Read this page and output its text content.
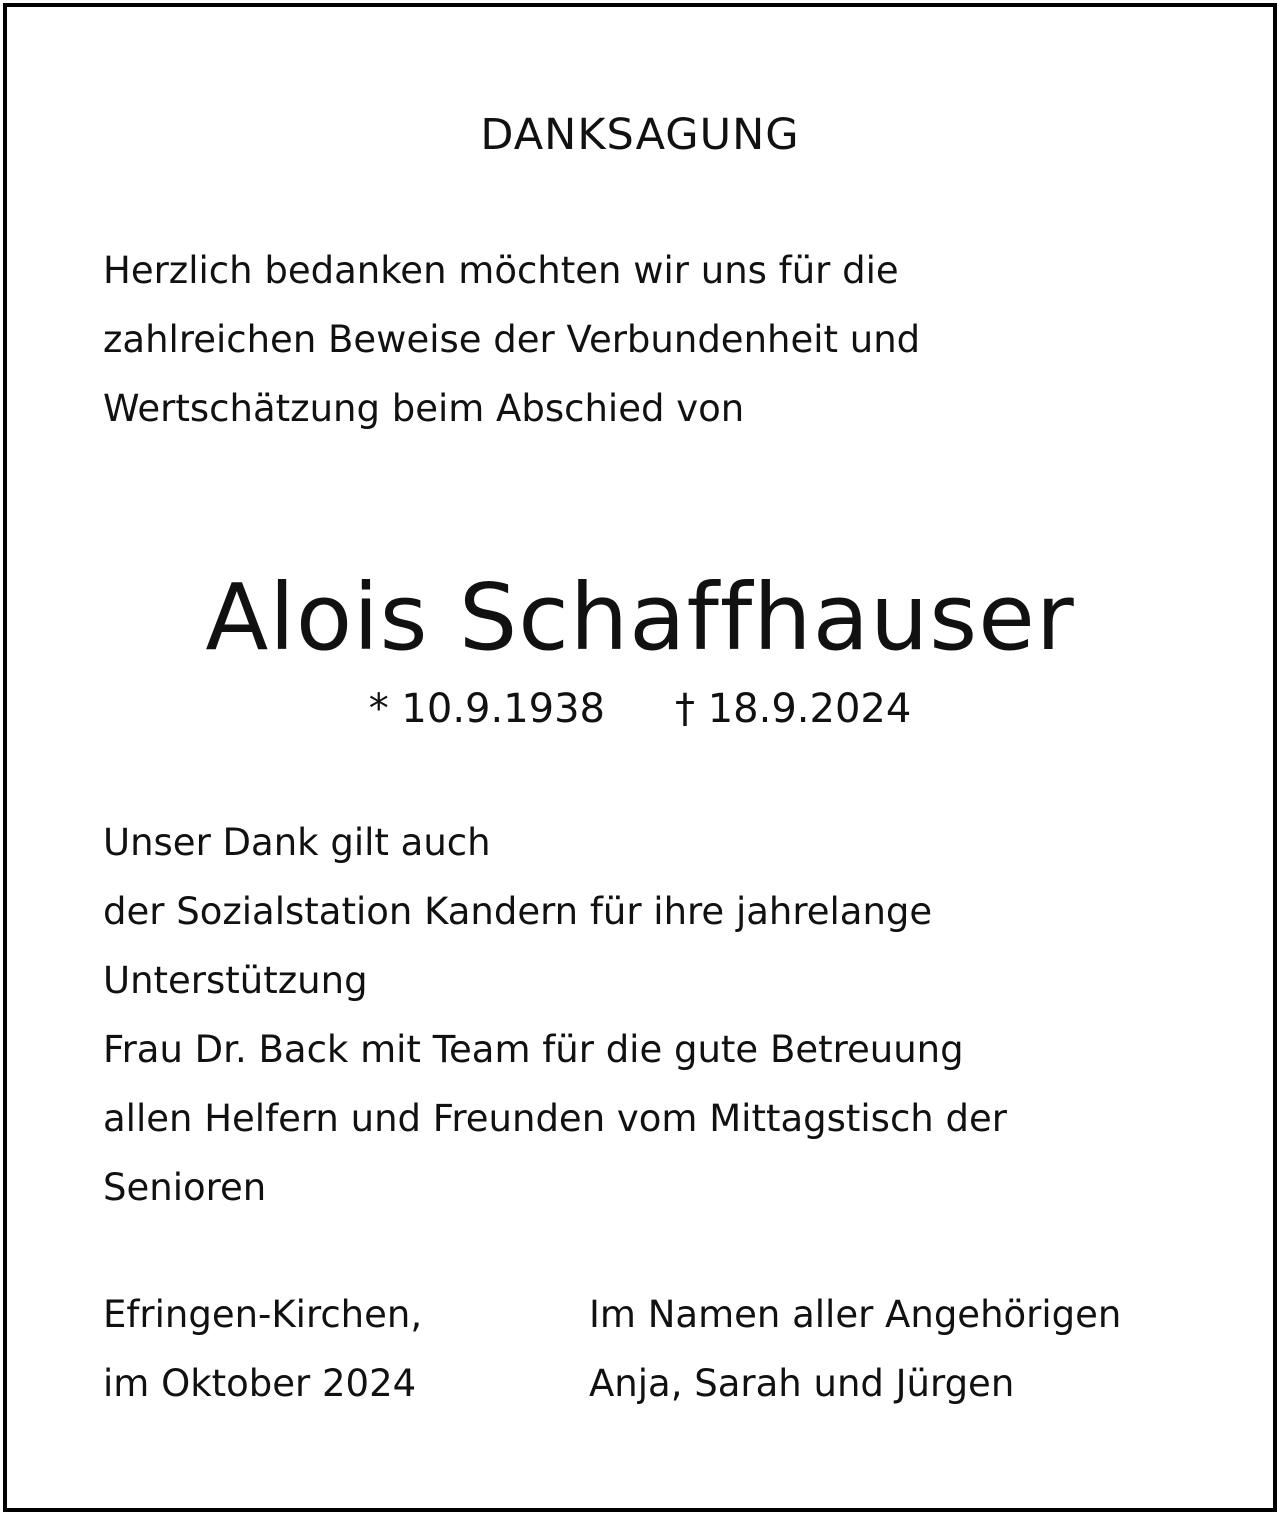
DANKSAGUNG
Herzlich bedanken möchten wir uns für die
zahlreichen Beweise der Verbundenheit und
Wertschätzung beim Abschied von
Alois Schaffhauser
* 10.9.1938 † 18.9.2024
Unser Dank gilt auch
der Sozialstation Kandern für ihre jahrelange
Unterstützung
Frau Dr. Back mit Team für die gute Betreuung
allen Helfern und Freunden vom Mittagstisch der
Senioren
Efringen-Kirchen,
im Oktober 2024
Im Namen aller Angehörigen
Anja, Sarah und Jürgen
